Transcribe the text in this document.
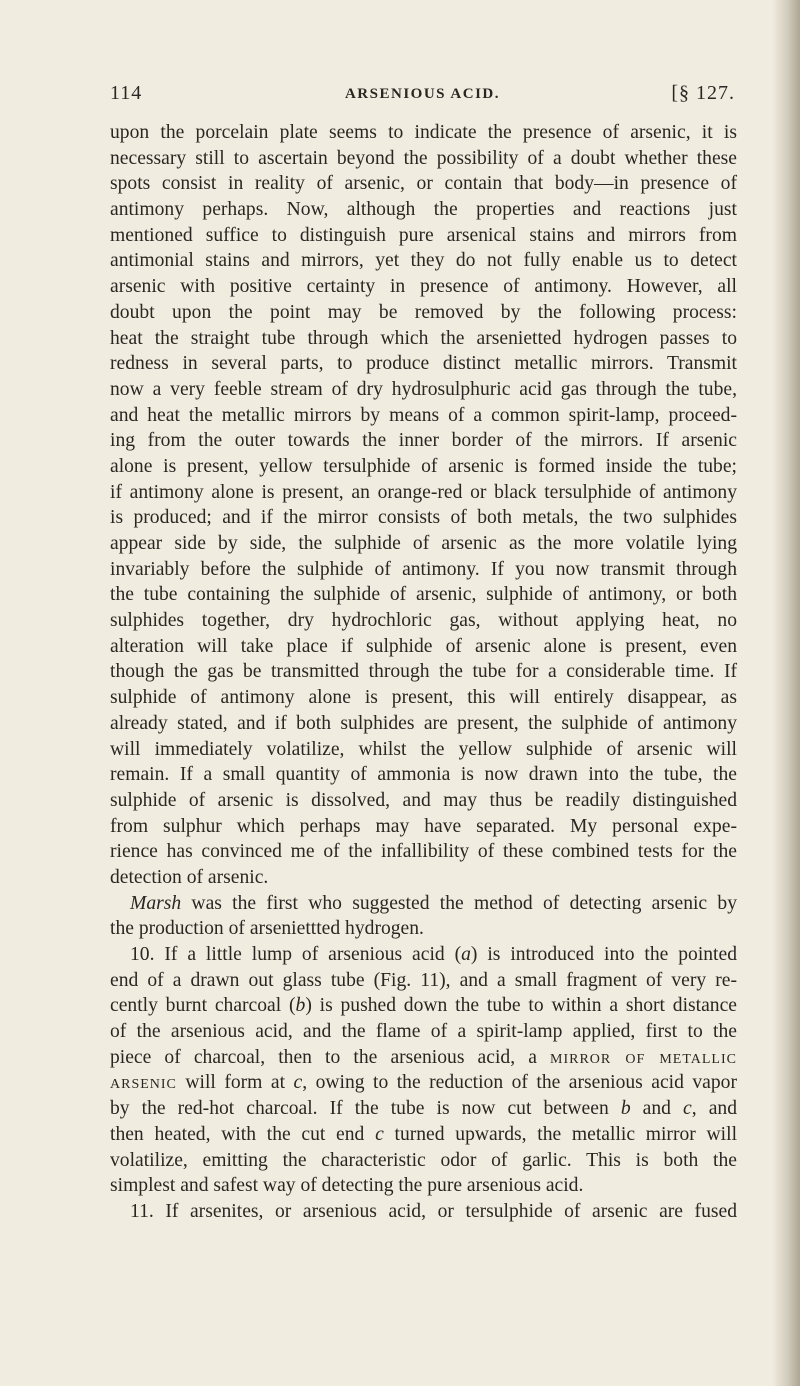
114	ARSENIOUS ACID.	[§ 127.
upon the porcelain plate seems to indicate the presence of arsenic, it is
necessary still to ascertain beyond the possibility of a doubt whether these
spots consist in reality of arsenic, or contain that body—in presence of
antimony perhaps. Now, although the properties and reactions just
mentioned suffice to distinguish pure arsenical stains and mirrors from
antimonial stains and mirrors, yet they do not fully enable us to detect
arsenic with positive certainty in presence of antimony. However, all
doubt upon the point may be removed by the following process:
heat the straight tube through which the arsenietted hydrogen passes to
redness in several parts, to produce distinct metallic mirrors. Transmit
now a very feeble stream of dry hydrosulphuric acid gas through the tube,
and heat the metallic mirrors by means of a common spirit-lamp, proceed-
ing from the outer towards the inner border of the mirrors. If arsenic
alone is present, yellow tersulphide of arsenic is formed inside the tube;
if antimony alone is present, an orange-red or black tersulphide of antimony
is produced; and if the mirror consists of both metals, the two sulphides
appear side by side, the sulphide of arsenic as the more volatile lying
invariably before the sulphide of antimony. If you now transmit through
the tube containing the sulphide of arsenic, sulphide of antimony, or both
sulphides together, dry hydrochloric gas, without applying heat, no
alteration will take place if sulphide of arsenic alone is present, even
though the gas be transmitted through the tube for a considerable time. If
sulphide of antimony alone is present, this will entirely disappear, as
already stated, and if both sulphides are present, the sulphide of antimony
will immediately volatilize, whilst the yellow sulphide of arsenic will
remain. If a small quantity of ammonia is now drawn into the tube, the
sulphide of arsenic is dissolved, and may thus be readily distinguished
from sulphur which perhaps may have separated. My personal expe-
rience has convinced me of the infallibility of these combined tests for the
detection of arsenic.
Marsh was the first who suggested the method of detecting arsenic by
the production of arseniettted hydrogen.
10. If a little lump of arsenious acid (a) is introduced into the pointed
end of a drawn out glass tube (Fig. 11), and a small fragment of very re-
cently burnt charcoal (b) is pushed down the tube to within a short distance
of the arsenious acid, and the flame of a spirit-lamp applied, first to the
piece of charcoal, then to the arsenious acid, a mirror of metallic
arsenic will form at c, owing to the reduction of the arsenious acid vapor
by the red-hot charcoal. If the tube is now cut between b and c, and
then heated, with the cut end c turned upwards, the metallic mirror will
volatilize, emitting the characteristic odor of garlic. This is both the
simplest and safest way of detecting the pure arsenious acid.
11. If arsenites, or arsenious acid, or tersulphide of arsenic are fused
